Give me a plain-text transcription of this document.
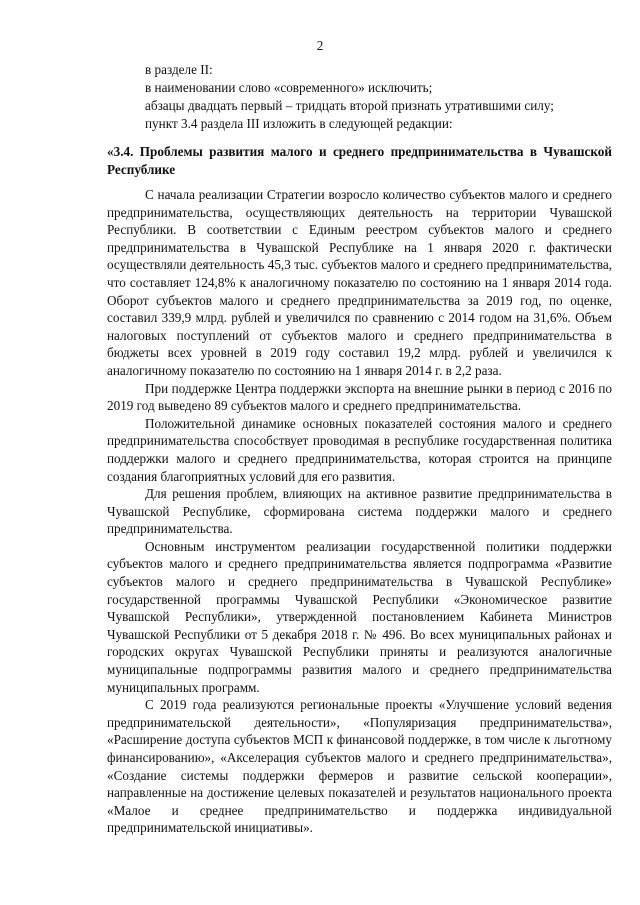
2
в разделе II:
в наименовании слово «современного» исключить;
абзацы двадцать первый – тридцать второй признать утратившими силу;
пункт 3.4 раздела III изложить в следующей редакции:
«3.4. Проблемы развития малого и среднего предпринимательства в Чувашской Республике

С начала реализации Стратегии возросло количество субъектов малого и среднего предпринимательства, осуществляющих деятельность на территории Чувашской Республики. В соответствии с Единым реестром субъектов малого и среднего предпринимательства в Чувашской Республике на 1 января 2020 г. фактически осуществляли деятельность 45,3 тыс. субъектов малого и среднего предпринимательства, что составляет 124,8% к аналогичному показателю по состоянию на 1 января 2014 года. Оборот субъектов малого и среднего предпринимательства за 2019 год, по оценке, составил 339,9 млрд. рублей и увеличился по сравнению с 2014 годом на 31,6%. Объем налоговых поступлений от субъектов малого и среднего предпринимательства в бюджеты всех уровней в 2019 году составил 19,2 млрд. рублей и увеличился к аналогичному показателю по состоянию на 1 января 2014 г. в 2,2 раза.

При поддержке Центра поддержки экспорта на внешние рынки в период с 2016 по 2019 год выведено 89 субъектов малого и среднего предпринимательства.

Положительной динамике основных показателей состояния малого и среднего предпринимательства способствует проводимая в республике государственная политика поддержки малого и среднего предпринимательства, которая строится на принципе создания благоприятных условий для его развития.

Для решения проблем, влияющих на активное развитие предпринимательства в Чувашской Республике, сформирована система поддержки малого и среднего предпринимательства.

Основным инструментом реализации государственной политики поддержки субъектов малого и среднего предпринимательства является подпрограмма «Развитие субъектов малого и среднего предпринимательства в Чувашской Республике» государственной программы Чувашской Республики «Экономическое развитие Чувашской Республики», утвержденной постановлением Кабинета Министров Чувашской Республики от 5 декабря 2018 г. № 496. Во всех муниципальных районах и городских округах Чувашской Республики приняты и реализуются аналогичные муниципальные подпрограммы развития малого и среднего предпринимательства муниципальных программ.

С 2019 года реализуются региональные проекты «Улучшение условий ведения предпринимательской деятельности», «Популяризация предпринимательства», «Расширение доступа субъектов МСП к финансовой поддержке, в том числе к льготному финансированию», «Акселерация субъектов малого и среднего предпринимательства», «Создание системы поддержки фермеров и развитие сельской кооперации», направленные на достижение целевых показателей и результатов национального проекта «Малое и среднее предпринимательство и поддержка индивидуальной предпринимательской инициативы».
